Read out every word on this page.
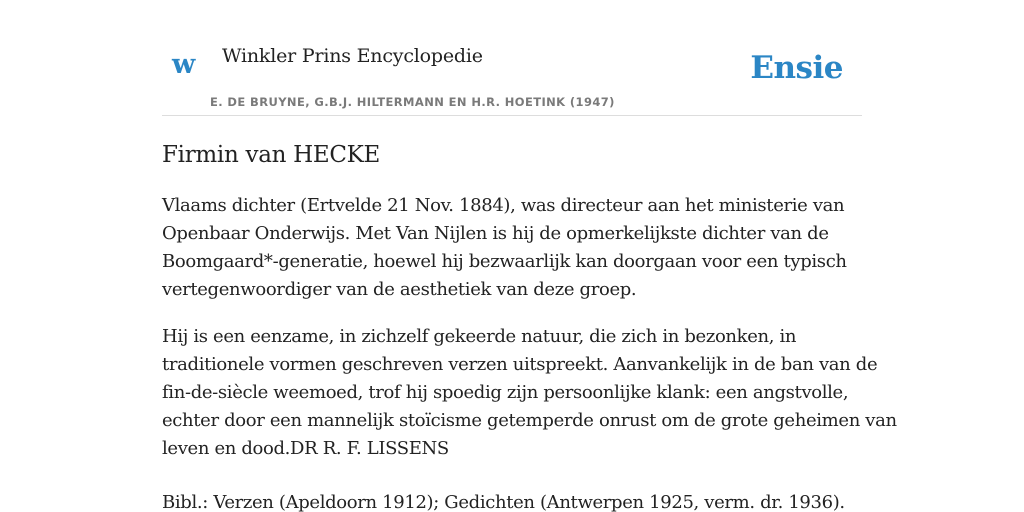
w Winkler Prins Encyclopedie
E. DE BRUYNE, G.B.J. HILTERMANN EN H.R. HOETINK (1947)
Ensie
Firmin van HECKE
Vlaams dichter (Ertvelde 21 Nov. 1884), was directeur aan het ministerie van
Openbaar Onderwijs. Met Van Nijlen is hij de opmerkelijkste dichter van de
Boomgaard*-generatie, hoewel hij bezwaarlijk kan doorgaan voor een typisch
vertegenwoordiger van de aesthetiek van deze groep.
Hij is een eenzame, in zichzelf gekeerde natuur, die zich in bezonken, in
traditionele vormen geschreven verzen uitspreekt. Aanvankelijk in de ban van de
fin-de-siècle weemoed, trof hij spoedig zijn persoonlijke klank: een angstvolle,
echter door een mannelijk stoïcisme getemperde onrust om de grote geheimen van
leven en dood.DR R. F. LISSENS
Bibl.: Verzen (Apeldoorn 1912); Gedichten (Antwerpen 1925, verm. dr. 1936).
